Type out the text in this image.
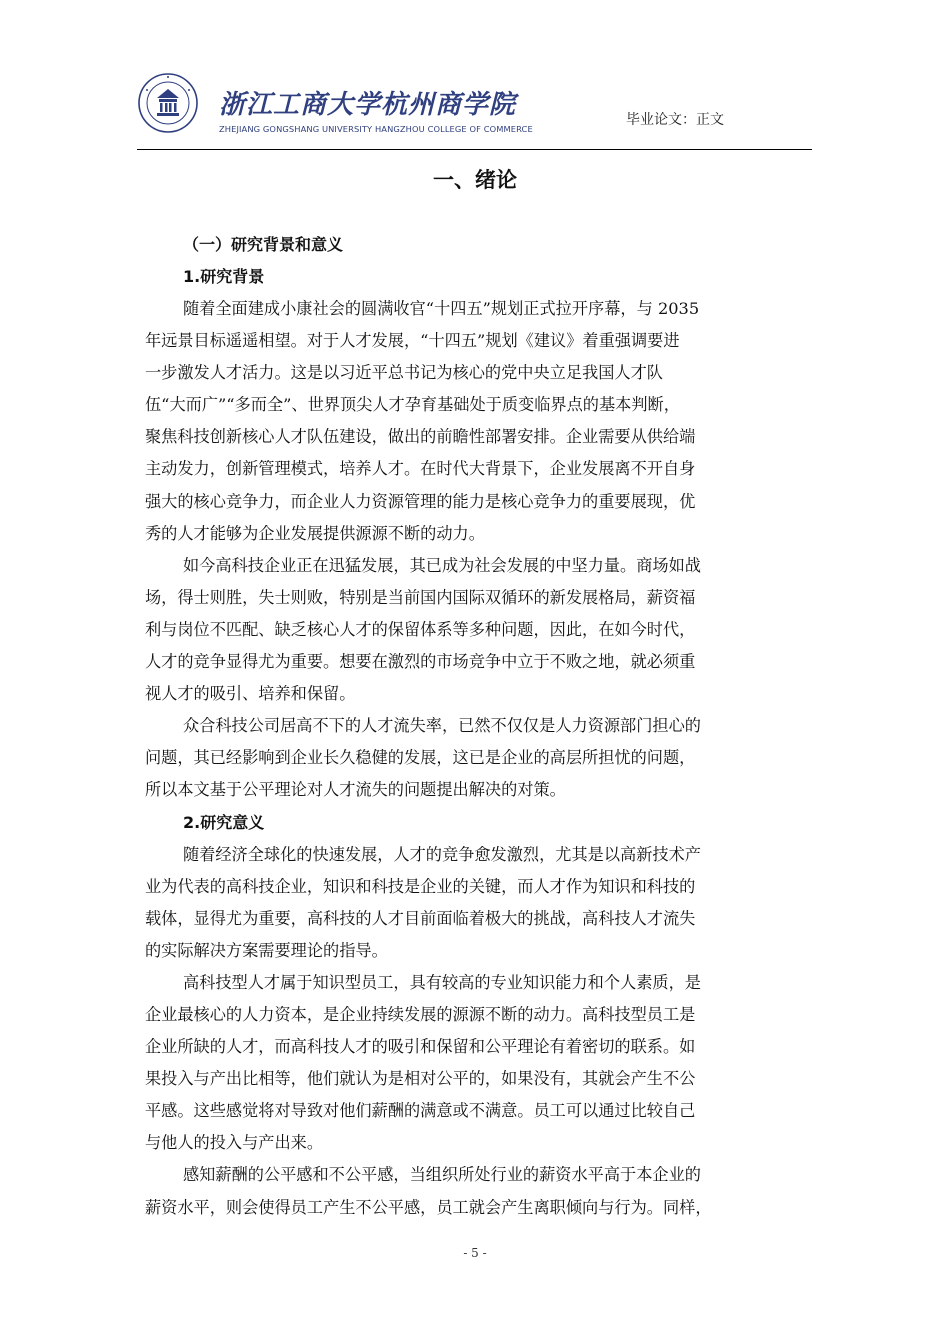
浙江工商大学杭州商学院
ZHEJIANG GONGSHANG UNIVERSITY HANGZHOU COLLEGE OF COMMERCE
毕业论文：正文
一、绪论
（一）研究背景和意义
1.研究背景
随着全面建成小康社会的圆满收官“十四五”规划正式拉开序幕，与 2035
年远景目标遥遥相望。对于人才发展，“十四五”规划《建议》着重强调要进
一步激发人才活力。这是以习近平总书记为核心的党中央立足我国人才队
伍“大而广”“多而全”、世界顶尖人才孕育基础处于质变临界点的基本判断，
聚焦科技创新核心人才队伍建设，做出的前瞻性部署安排。企业需要从供给端
主动发力，创新管理模式，培养人才。在时代大背景下，企业发展离不开自身
强大的核心竞争力，而企业人力资源管理的能力是核心竞争力的重要展现，优
秀的人才能够为企业发展提供源源不断的动力。
如今高科技企业正在迅猛发展，其已成为社会发展的中坚力量。商场如战
场，得士则胜，失士则败，特别是当前国内国际双循环的新发展格局，薪资福
利与岗位不匹配、缺乏核心人才的保留体系等多种问题，因此，在如今时代，
人才的竞争显得尤为重要。想要在激烈的市场竞争中立于不败之地，就必须重
视人才的吸引、培养和保留。
众合科技公司居高不下的人才流失率，已然不仅仅是人力资源部门担心的
问题，其已经影响到企业长久稳健的发展，这已是企业的高层所担忧的问题，
所以本文基于公平理论对人才流失的问题提出解决的对策。
2.研究意义
随着经济全球化的快速发展，人才的竞争愈发激烈，尤其是以高新技术产
业为代表的高科技企业，知识和科技是企业的关键，而人才作为知识和科技的
载体，显得尤为重要，高科技的人才目前面临着极大的挑战，高科技人才流失
的实际解决方案需要理论的指导。
高科技型人才属于知识型员工，具有较高的专业知识能力和个人素质，是
企业最核心的人力资本，是企业持续发展的源源不断的动力。高科技型员工是
企业所缺的人才，而高科技人才的吸引和保留和公平理论有着密切的联系。如
果投入与产出比相等，他们就认为是相对公平的，如果没有，其就会产生不公
平感。这些感觉将对导致对他们薪酬的满意或不满意。员工可以通过比较自己
与他人的投入与产出来。
感知薪酬的公平感和不公平感，当组织所处行业的薪资水平高于本企业的
薪资水平，则会使得员工产生不公平感，员工就会产生离职倾向与行为。同样，
- 5 -
